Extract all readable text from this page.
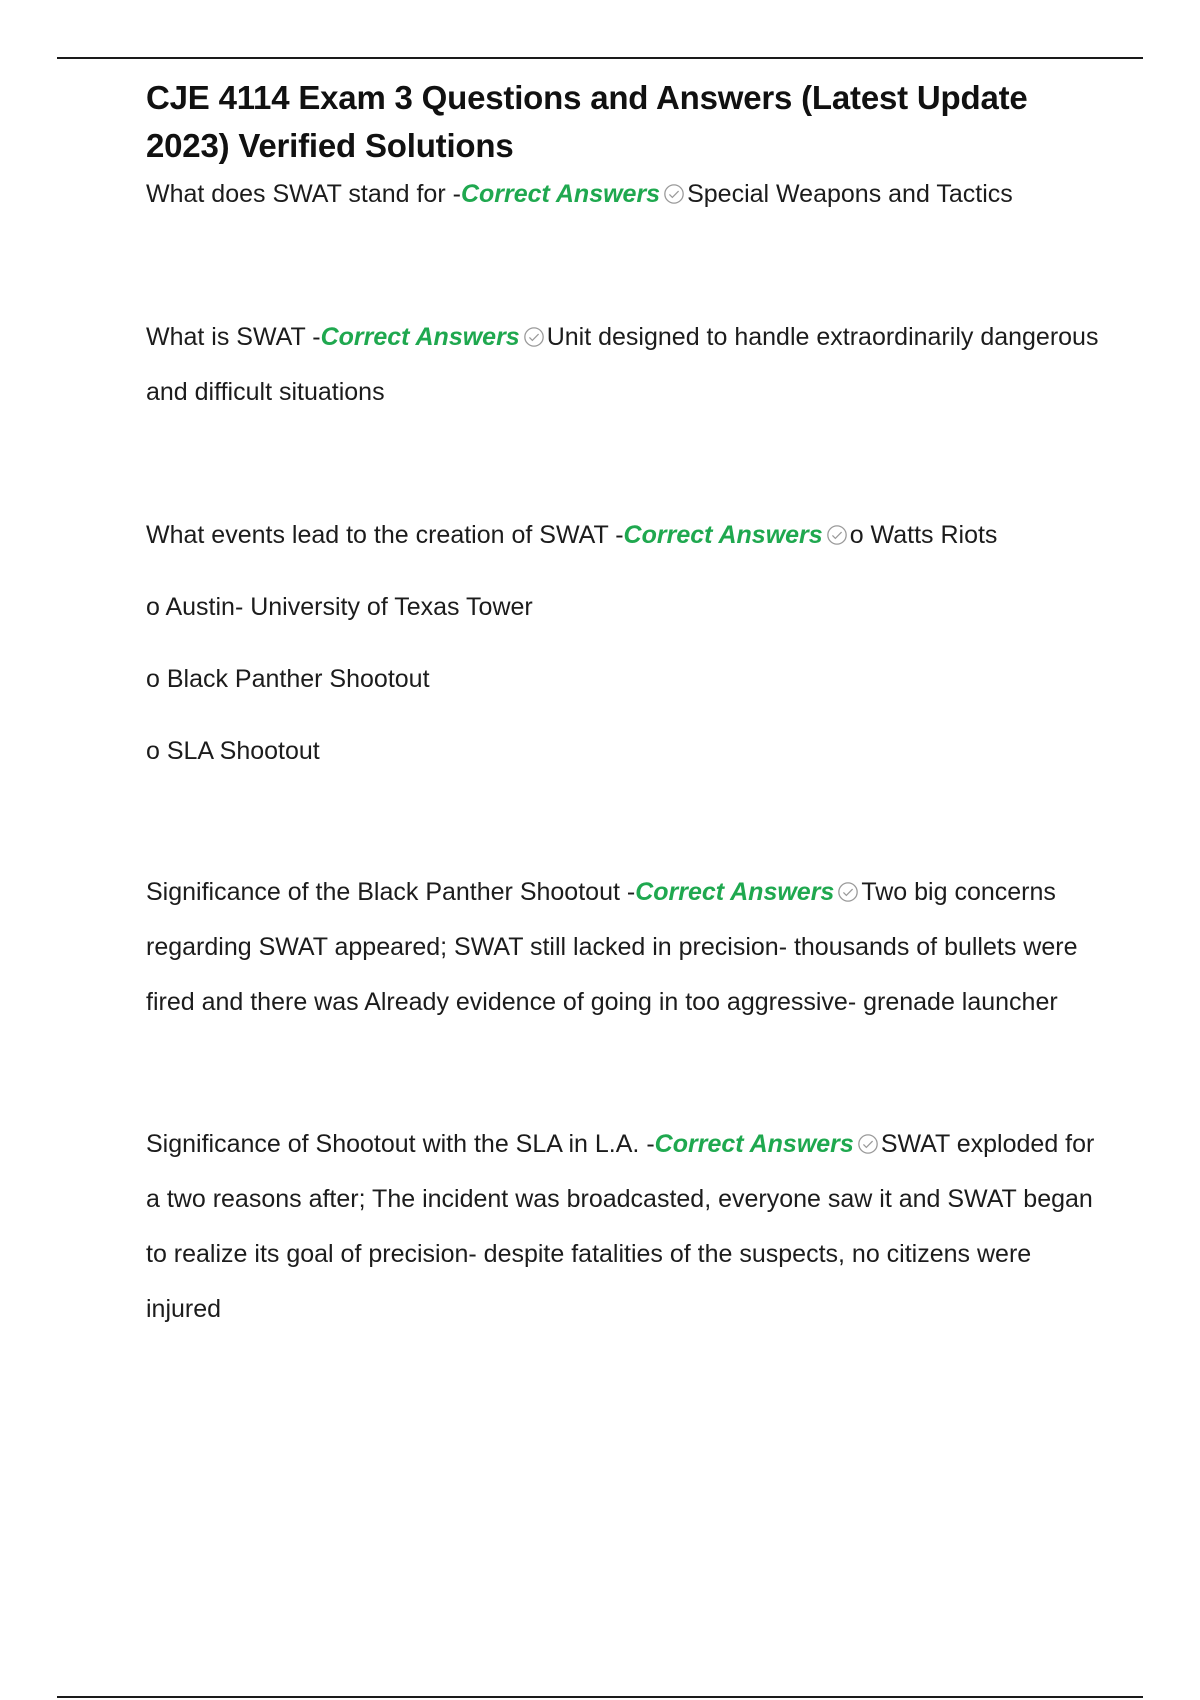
CJE 4114 Exam 3 Questions and Answers (Latest Update 2023) Verified Solutions

What does SWAT stand for -Correct Answers Special Weapons and Tactics

What is SWAT -Correct Answers Unit designed to handle extraordinarily dangerous and difficult situations

What events lead to the creation of SWAT -Correct Answers o Watts Riots

o Austin- University of Texas Tower

o Black Panther Shootout

o SLA Shootout

Significance of the Black Panther Shootout -Correct Answers Two big concerns regarding SWAT appeared; SWAT still lacked in precision- thousands of bullets were fired and there was Already evidence of going in too aggressive- grenade launcher

Significance of Shootout with the SLA in L.A. -Correct Answers SWAT exploded for a two reasons after; The incident was broadcasted, everyone saw it and SWAT began to realize its goal of precision- despite fatalities of the suspects, no citizens were injured
